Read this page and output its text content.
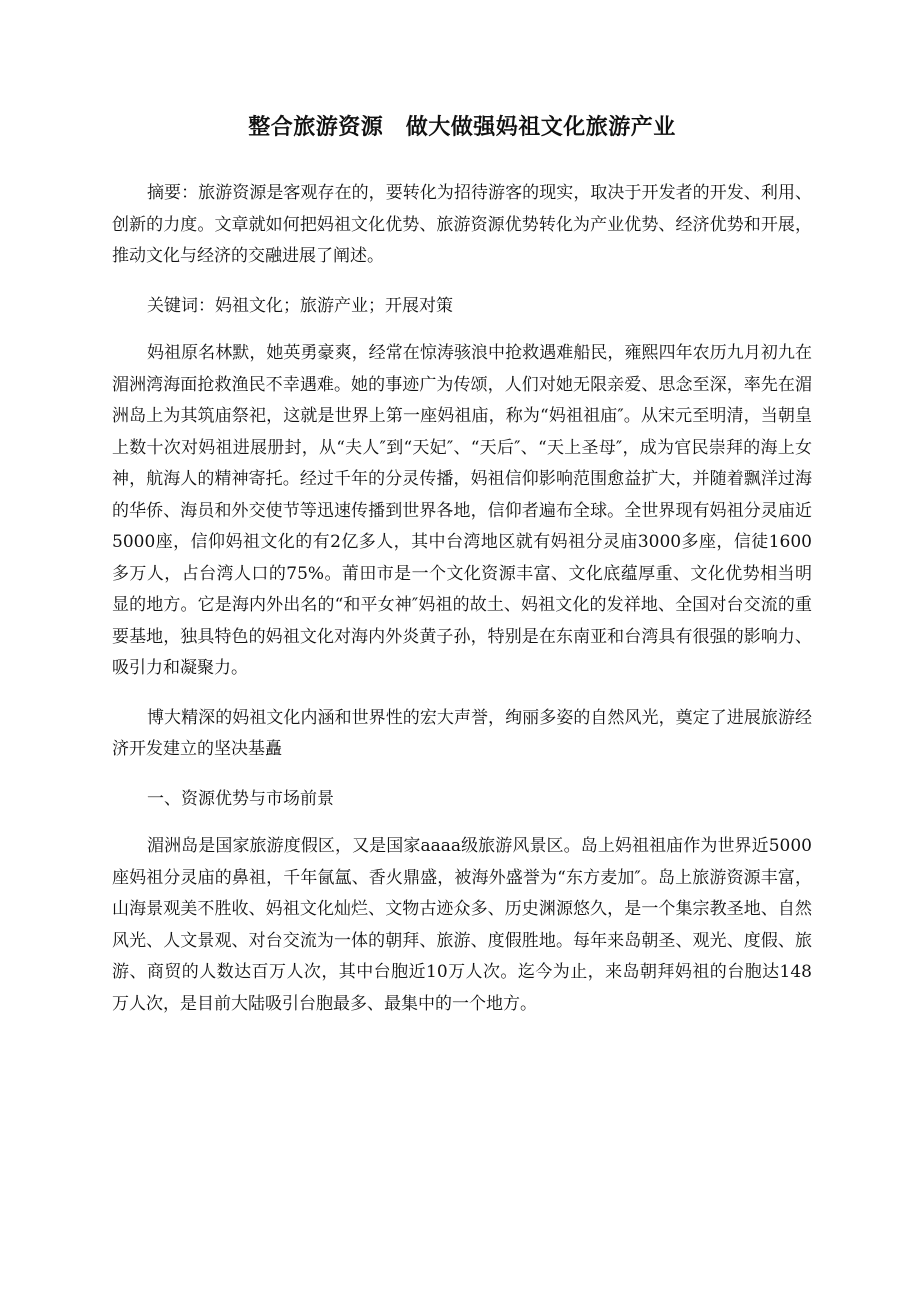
整合旅游资源　做大做强妈祖文化旅游产业

摘要：旅游资源是客观存在的，要转化为招待游客的现实，取决于开发者的开发、利用、创新的力度。文章就如何把妈祖文化优势、旅游资源优势转化为产业优势、经济优势和开展，推动文化与经济的交融进展了阐述。

关键词：妈祖文化；旅游产业；开展对策

妈祖原名林默，她英勇豪爽，经常在惊涛骇浪中抢救遇难船民，雍熙四年农历九月初九在湄洲湾海面抢救渔民不幸遇难。她的事迹广为传颂，人们对她无限亲爱、思念至深，率先在湄洲岛上为其筑庙祭祀，这就是世界上第一座妈祖庙，称为“妈祖祖庙″。从宋元至明清，当朝皇上数十次对妈祖进展册封，从“夫人″到“天妃″、“天后″、“天上圣母″，成为官民崇拜的海上女神，航海人的精神寄托。经过千年的分灵传播，妈祖信仰影响范围愈益扩大，并随着飘洋过海的华侨、海员和外交使节等迅速传播到世界各地，信仰者遍布全球。全世界现有妈祖分灵庙近5000座，信仰妈祖文化的有2亿多人，其中台湾地区就有妈祖分灵庙3000多座，信徒1600多万人，占台湾人口的75%。莆田市是一个文化资源丰富、文化底蕴厚重、文化优势相当明显的地方。它是海内外出名的“和平女神″妈祖的故土、妈祖文化的发祥地、全国对台交流的重要基地，独具特色的妈祖文化对海内外炎黄子孙，特别是在东南亚和台湾具有很强的影响力、吸引力和凝聚力。

博大精深的妈祖文化内涵和世界性的宏大声誉，绚丽多姿的自然风光，奠定了进展旅游经济开发建立的坚决基矗

一、资源优势与市场前景

湄洲岛是国家旅游度假区，又是国家aaaa级旅游风景区。岛上妈祖祖庙作为世界近5000座妈祖分灵庙的鼻祖，千年氤氲、香火鼎盛，被海外盛誉为“东方麦加″。岛上旅游资源丰富，山海景观美不胜收、妈祖文化灿烂、文物古迹众多、历史渊源悠久，是一个集宗教圣地、自然风光、人文景观、对台交流为一体的朝拜、旅游、度假胜地。每年来岛朝圣、观光、度假、旅游、商贸的人数达百万人次，其中台胞近10万人次。迄今为止，来岛朝拜妈祖的台胞达148万人次，是目前大陆吸引台胞最多、最集中的一个地方。
